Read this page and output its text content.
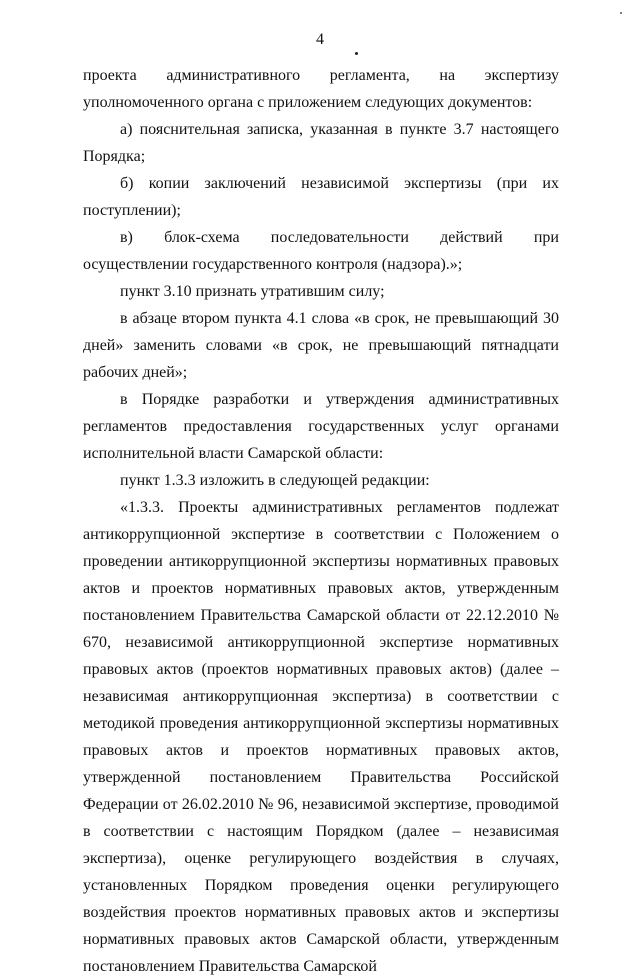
4

проекта административного регламента, на экспертизу уполномоченного органа с приложением следующих документов:

а) пояснительная записка, указанная в пункте 3.7 настоящего Порядка;

б) копии заключений независимой экспертизы (при их поступлении);

в) блок-схема последовательности действий при осуществлении государственного контроля (надзора).»;

пункт 3.10 признать утратившим силу;

в абзаце втором пункта 4.1 слова «в срок, не превышающий 30 дней» заменить словами «в срок, не превышающий пятнадцати рабочих дней»;

в Порядке разработки и утверждения административных регламентов предоставления государственных услуг органами исполнительной власти Самарской области:

пункт 1.3.3 изложить в следующей редакции:

«1.3.3. Проекты административных регламентов подлежат антикоррупционной экспертизе в соответствии с Положением о проведении антикоррупционной экспертизы нормативных правовых актов и проектов нормативных правовых актов, утвержденным постановлением Правительства Самарской области от 22.12.2010 № 670, независимой антикоррупционной экспертизе нормативных правовых актов (проектов нормативных правовых актов) (далее – независимая антикоррупционная экспертиза) в соответствии с методикой проведения антикоррупционной экспертизы нормативных правовых актов и проектов нормативных правовых актов, утвержденной постановлением Правительства Российской Федерации от 26.02.2010 № 96, независимой экспертизе, проводимой в соответствии с настоящим Порядком (далее – независимая экспертиза), оценке регулирующего воздействия в случаях, установленных Порядком проведения оценки регулирующего воздействия проектов нормативных правовых актов и экспертизы нормативных правовых актов Самарской области, утвержденным постановлением Правительства Самарской
